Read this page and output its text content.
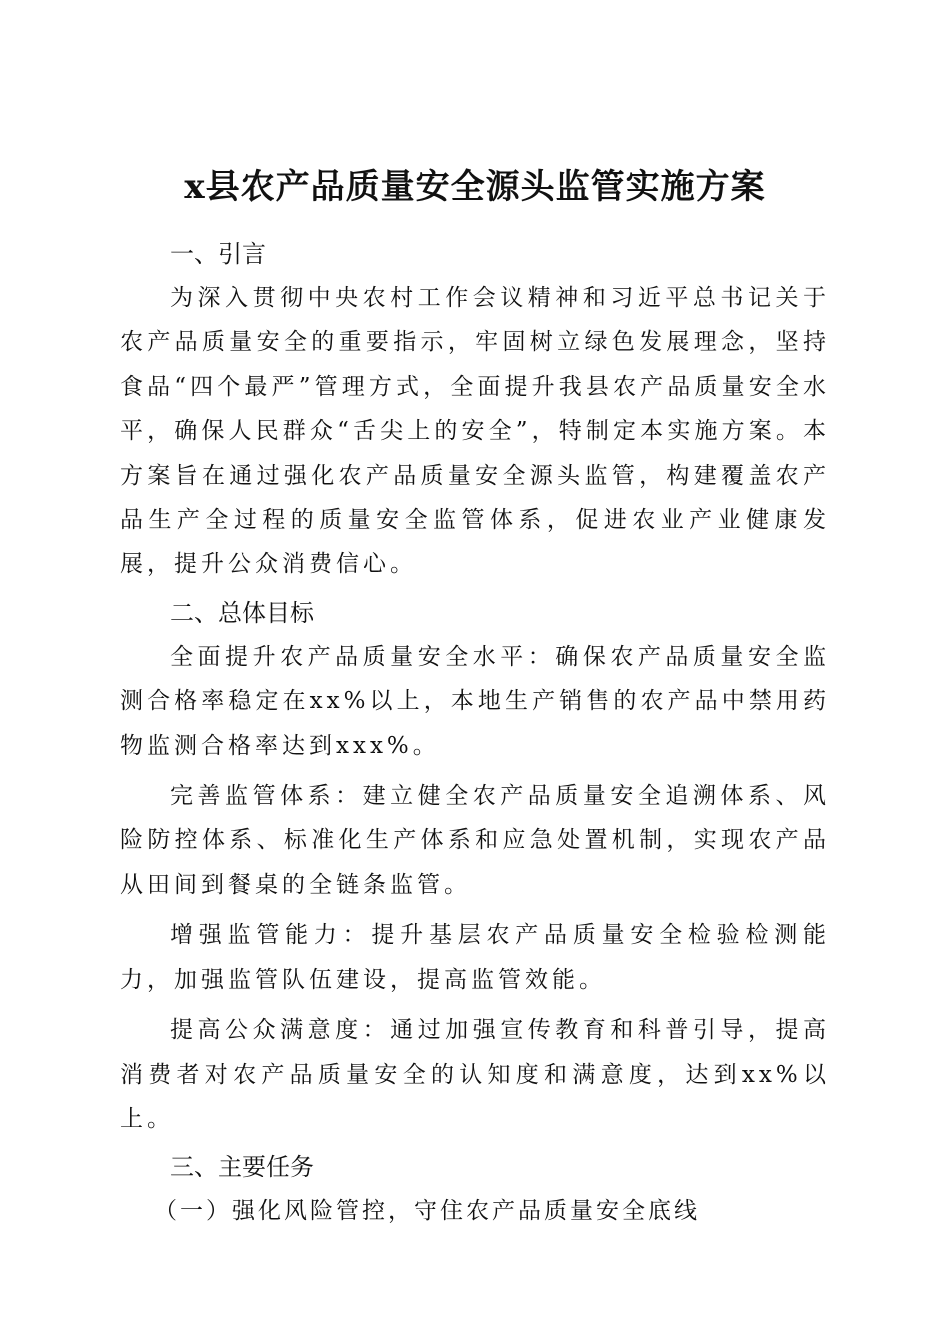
x县农产品质量安全源头监管实施方案

一、引言

为深入贯彻中央农村工作会议精神和习近平总书记关于农产品质量安全的重要指示，牢固树立绿色发展理念，坚持食品“四个最严”管理方式，全面提升我县农产品质量安全水平，确保人民群众“舌尖上的安全”，特制定本实施方案。本方案旨在通过强化农产品质量安全源头监管，构建覆盖农产品生产全过程的质量安全监管体系，促进农业产业健康发展，提升公众消费信心。

二、总体目标

全面提升农产品质量安全水平：确保农产品质量安全监测合格率稳定在xx%以上，本地生产销售的农产品中禁用药物监测合格率达到xxx%。

完善监管体系：建立健全农产品质量安全追溯体系、风险防控体系、标准化生产体系和应急处置机制，实现农产品从田间到餐桌的全链条监管。

增强监管能力：提升基层农产品质量安全检验检测能力，加强监管队伍建设，提高监管效能。

提高公众满意度：通过加强宣传教育和科普引导，提高消费者对农产品质量安全的认知度和满意度，达到xx%以上。

三、主要任务

（一）强化风险管控，守住农产品质量安全底线
